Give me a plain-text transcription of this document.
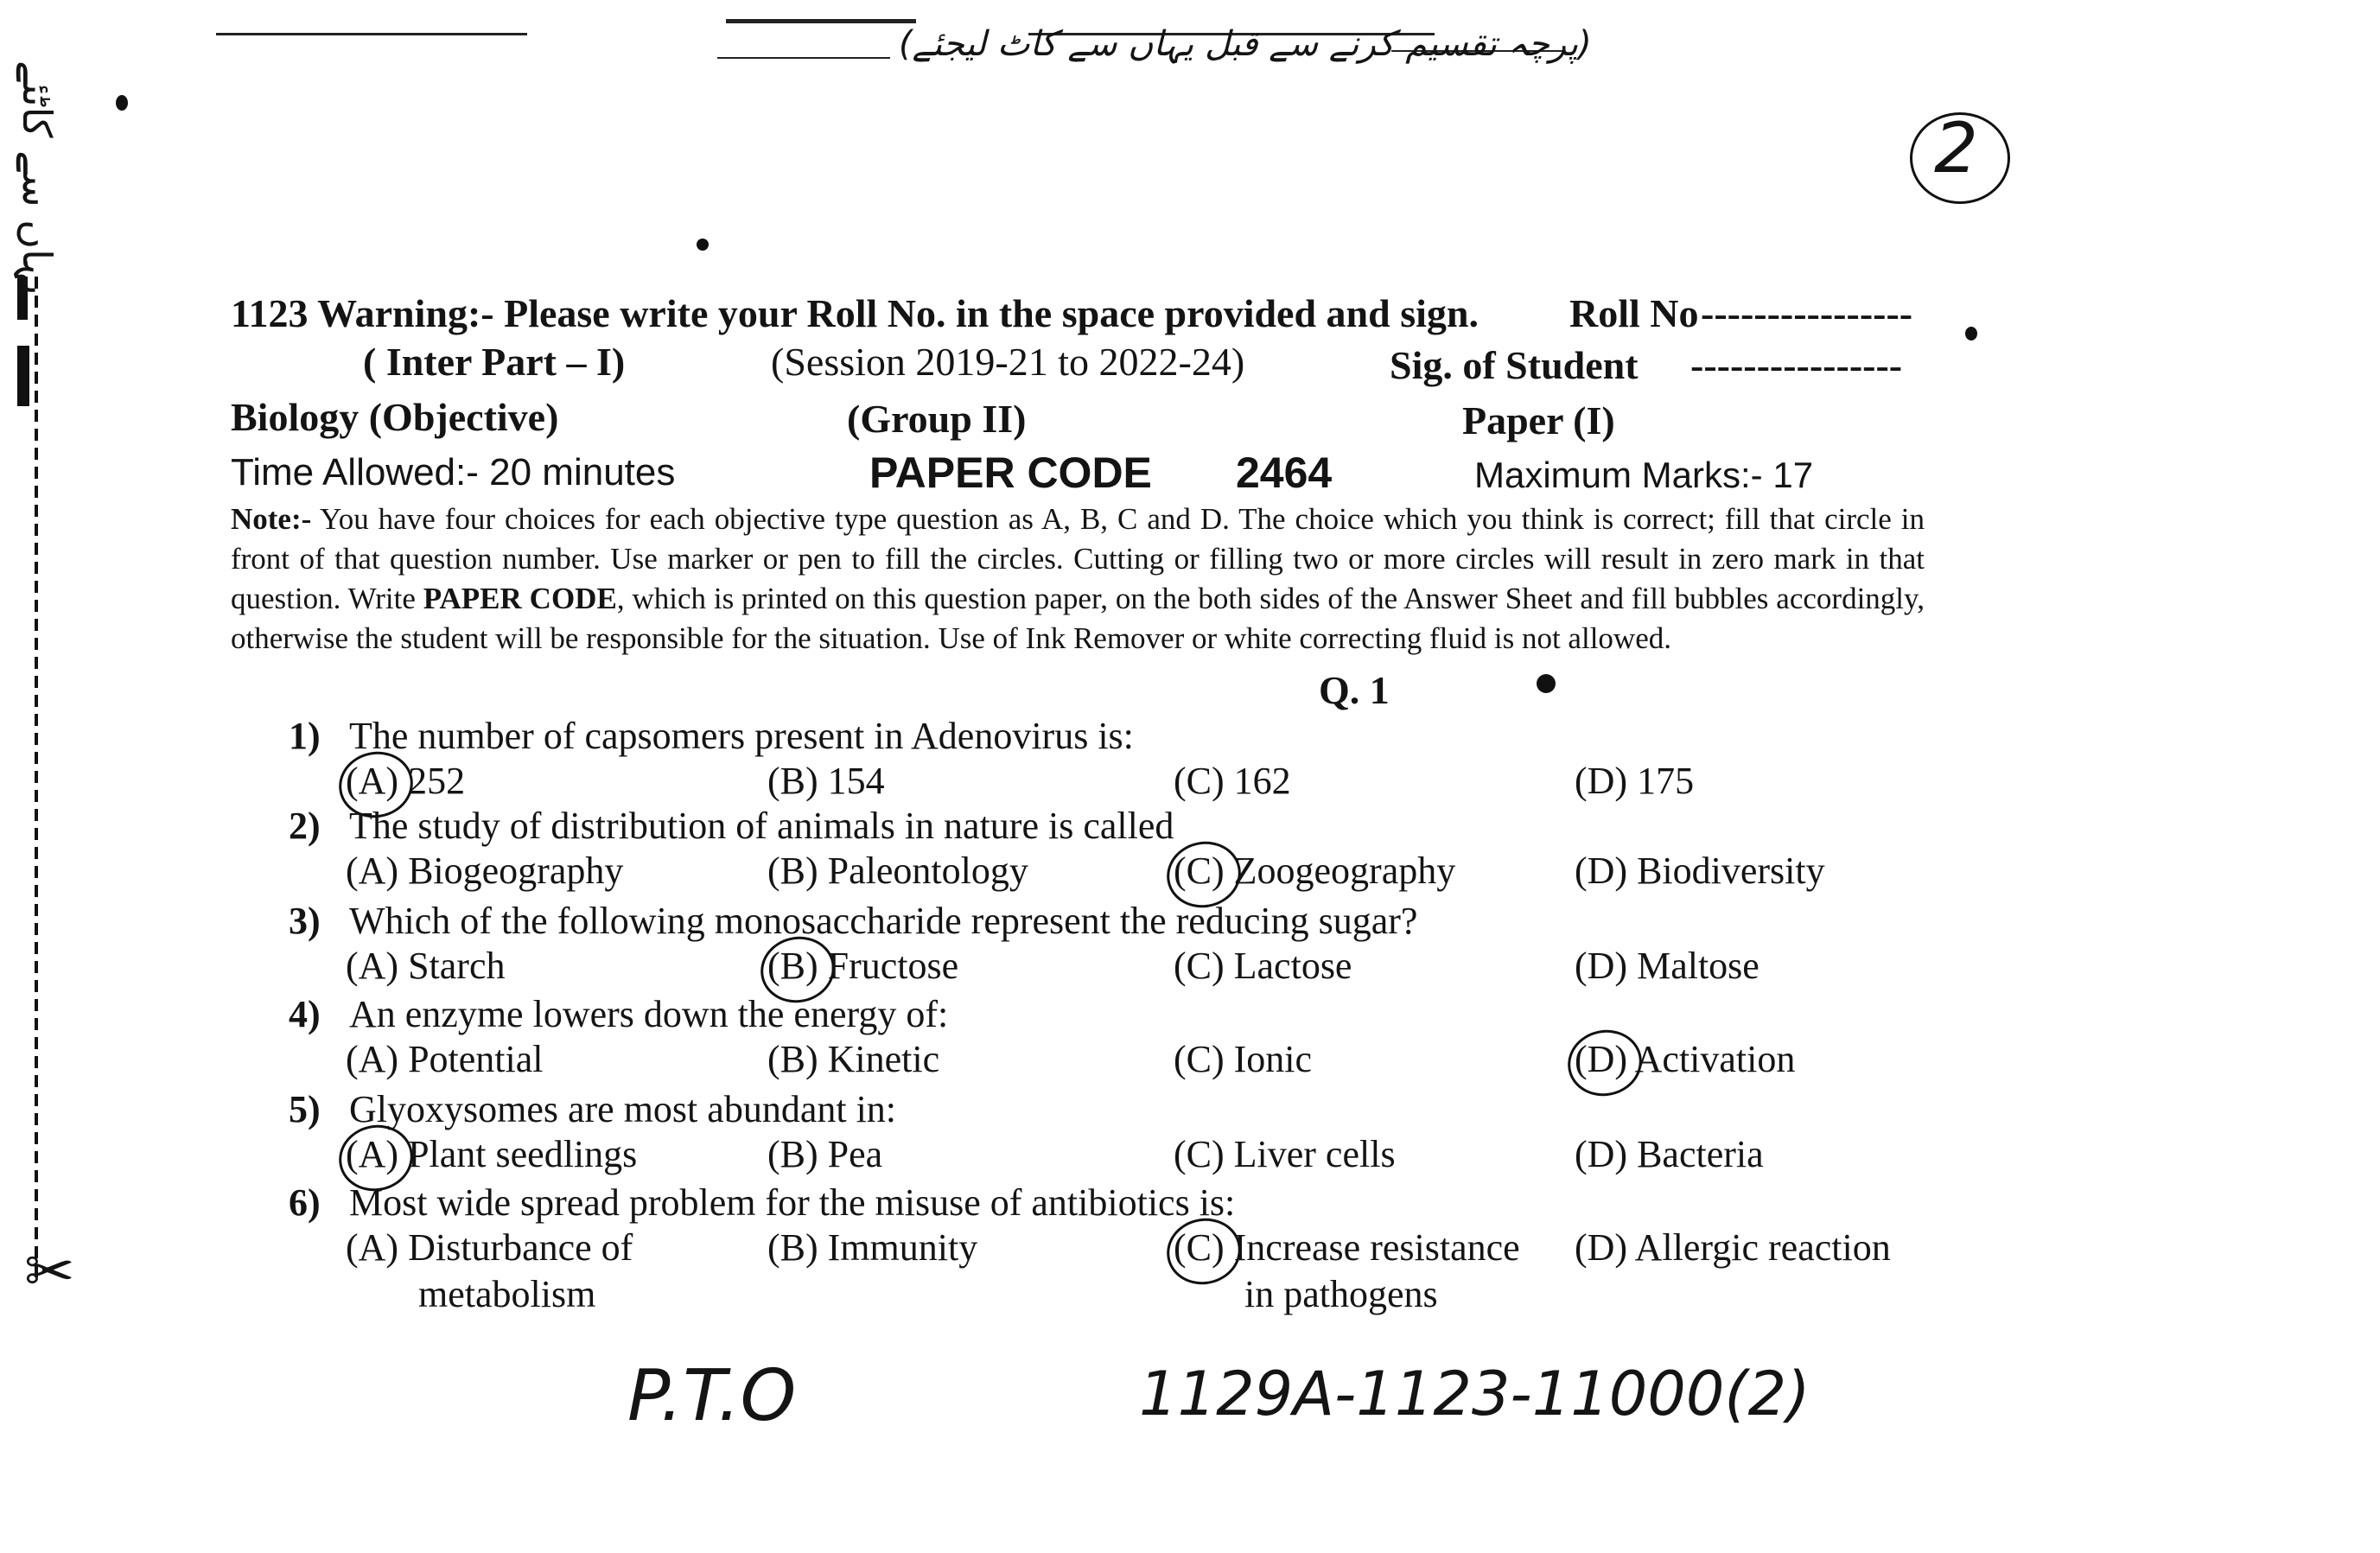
(پرچہ تقسیم کرنے سے قبل یہاں سے کاٹ لیجئے)
یہاں سے کاٹئے
✂
2
1123 Warning:- Please write your Roll No. in the space provided and sign. Roll No ----------------
( Inter Part – I)	(Session 2019-21 to 2022-24)	Sig. of Student ----------------
Biology (Objective)	(Group II)	Paper (I)
Time Allowed:- 20 minutes	PAPER CODE 2464	Maximum Marks:- 17
Note:- You have four choices for each objective type question as A, B, C and D. The choice which you think is correct; fill that circle in front of that question number. Use marker or pen to fill the circles. Cutting or filling two or more circles will result in zero mark in that question. Write PAPER CODE, which is printed on this question paper, on the both sides of the Answer Sheet and fill bubbles accordingly, otherwise the student will be responsible for the situation. Use of Ink Remover or white correcting fluid is not allowed.
Q. 1
1) The number of capsomers present in Adenovirus is:
(A) 252	(B) 154	(C) 162	(D) 175
2) The study of distribution of animals in nature is called
(A) Biogeography	(B) Paleontology	(C) Zoogeography	(D) Biodiversity
3) Which of the following monosaccharide represent the reducing sugar?
(A) Starch	(B) Fructose	(C) Lactose	(D) Maltose
4) An enzyme lowers down the energy of:
(A) Potential	(B) Kinetic	(C) Ionic	(D) Activation
5) Glyoxysomes are most abundant in:
(A) Plant seedlings	(B) Pea	(C) Liver cells	(D) Bacteria
6) Most wide spread problem for the misuse of antibiotics is:
(A) Disturbance of	(B) Immunity	(C) Increase resistance (D) Allergic reaction
metabolism	in pathogens
P.T.O	1129A-1123-11000(2)
